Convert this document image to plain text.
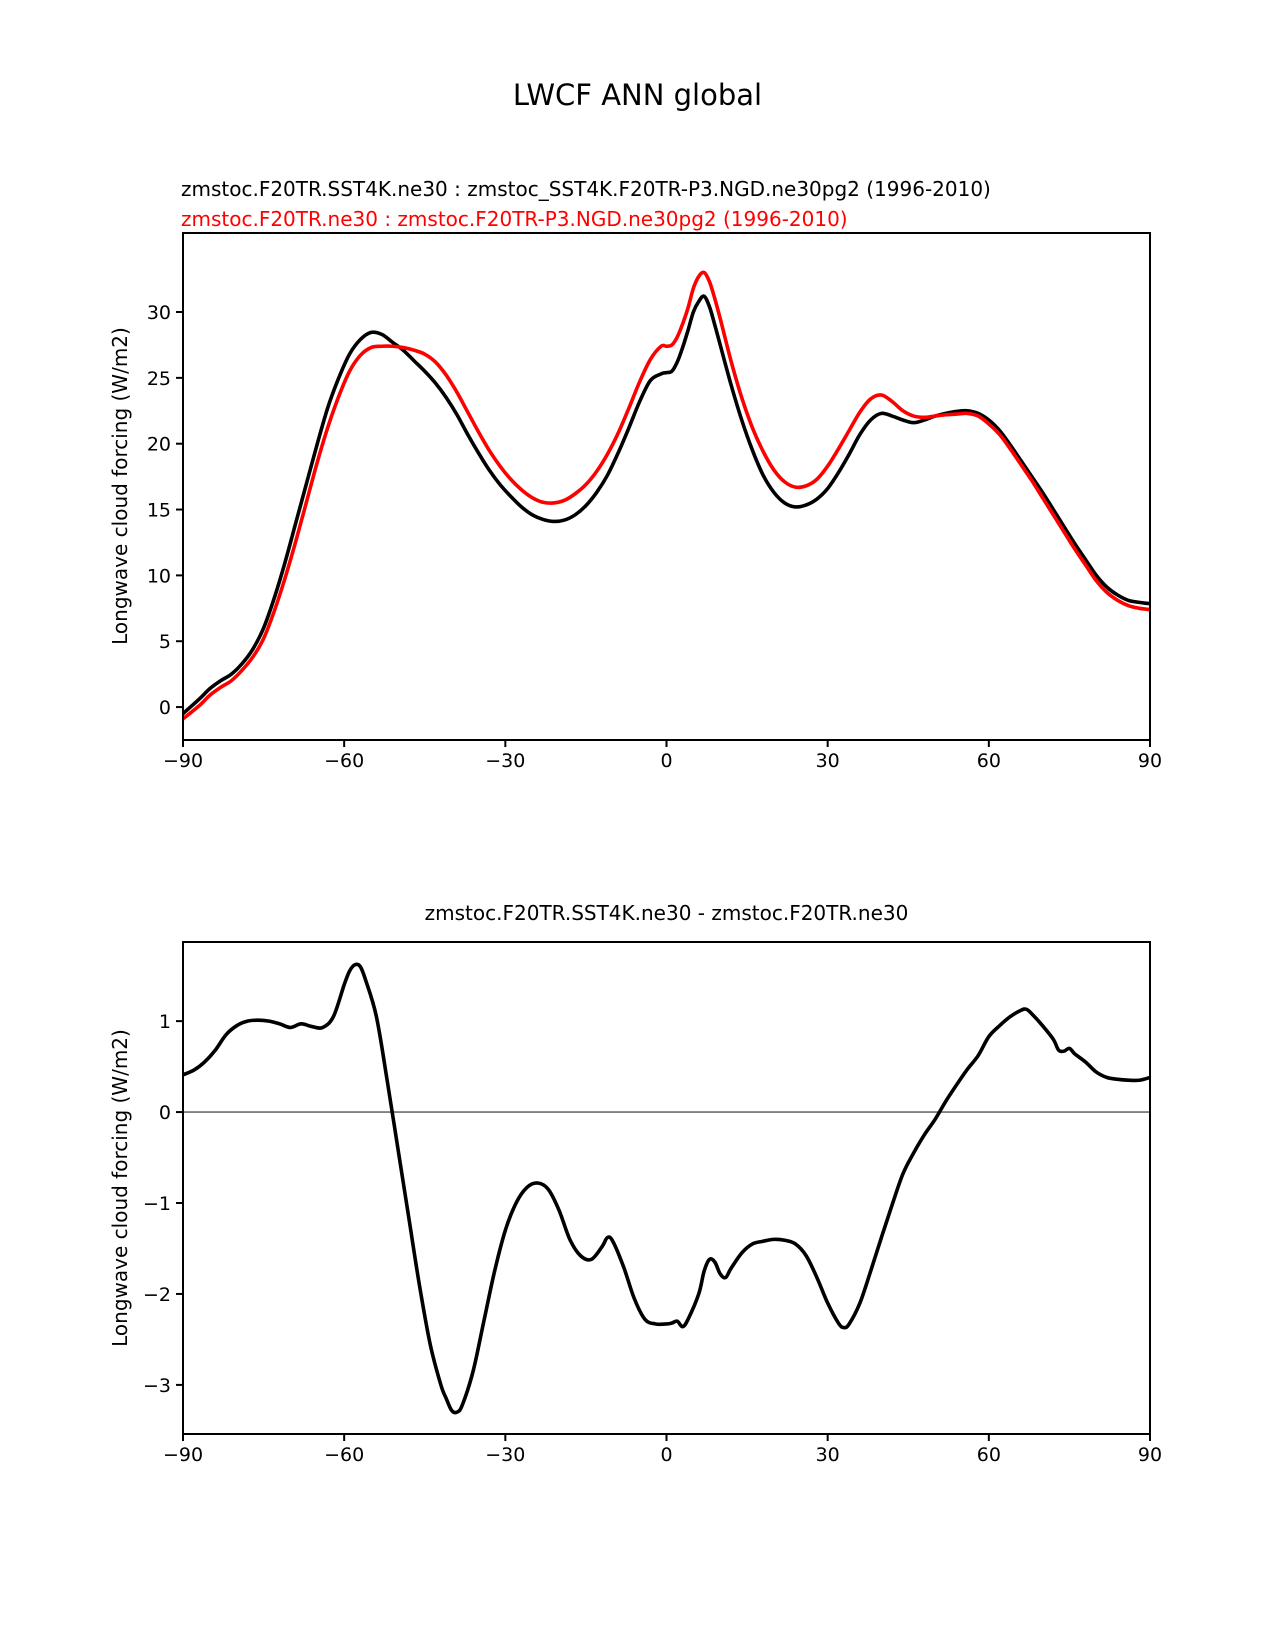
LWCF ANN global
zmstoc.F20TR.SST4K.ne30 : zmstoc_SST4K.F20TR-P3.NGD.ne30pg2 (1996-2010)
zmstoc.F20TR.ne30 : zmstoc.F20TR-P3.NGD.ne30pg2 (1996-2010)
Longwave cloud forcing (W/m2)
zmstoc.F20TR.SST4K.ne30 - zmstoc.F20TR.ne30
Longwave cloud forcing (W/m2)
−90	−60	−30	0	30	60	90
0
5
10
15
20
25
30
−90	−60	−30	0	30	60	90
−3
−2
−1
0
1
